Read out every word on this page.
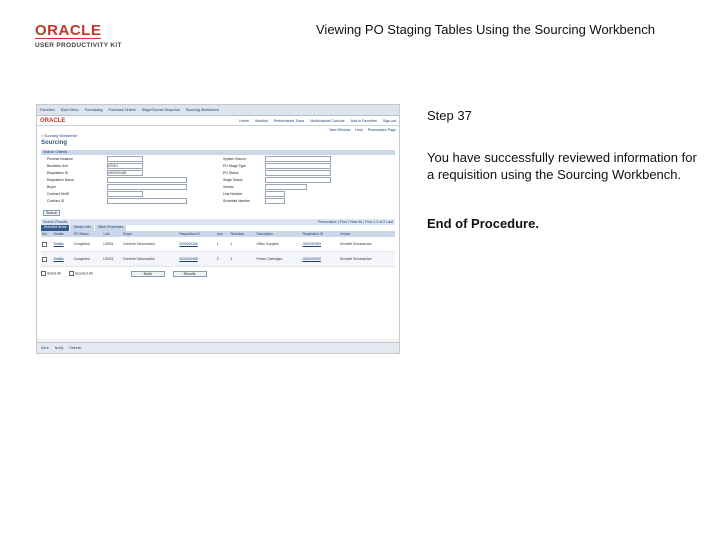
ORACLE
USER PRODUCTIVITY KIT
Viewing PO Staging Tables Using the Sourcing Workbench
Favorites Main Menu Purchasing Purchase Orders Stage/Source Requests Sourcing Workbench
ORACLE	Home Worklist Performance Trace Multichannel Console Add to Favorites Sign out
New Window Help Personalize Page
< Sourcing Workbench
Sourcing
Search Criteria
Process Instance
Business Unit	US001
Requisition ID	0000000465
Requisition Name
Buyer
Contract SetID
Contract ID
System Source
PO Stage Type
PO Status
Stage Status
Vendor
Line Number
Schedule Number
Search
Search Results	Personalize | Find | View All | First 1-2 of 2 Last
Selected Items	Vendor Info	Other Processes
Sel	Details	PO Status	Unit	Buyer	Requisition ID	Line	Schedule	Description	Requisition ID	Vendor
	Details	Completed	US001	Kenneth Schumacher	0000000465	1	1	Office Supplies	0000000289	Kenneth Schumacher
	Details	Completed	US001	Kenneth Schumacher	0000000465	2	1	Printer Cartridges	0000000290	Kenneth Schumacher
Select All	Deselect All	Build	Results
Save Notify Refresh
Step 37
You have successfully reviewed information for a requisition using the Sourcing Workbench.
End of Procedure.
